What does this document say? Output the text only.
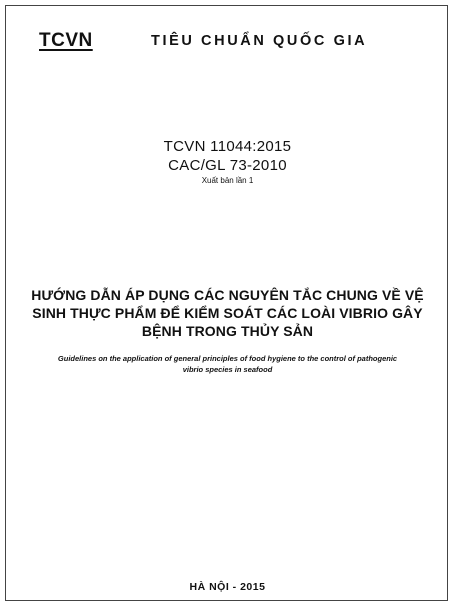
TCVN	TIÊU CHUẨN QUỐC GIA
TCVN 11044:2015
CAC/GL 73-2010
Xuất bản lần 1
HƯỚNG DẪN ÁP DỤNG CÁC NGUYÊN TẮC CHUNG VỀ VỆ
SINH THỰC PHẨM ĐỂ KIỂM SOÁT CÁC LOÀI VIBRIO GÂY
BỆNH TRONG THỦY SẢN
Guidelines on the application of general principles of food hygiene to the control of pathogenic
vibrio species in seafood
HÀ NỘI - 2015
